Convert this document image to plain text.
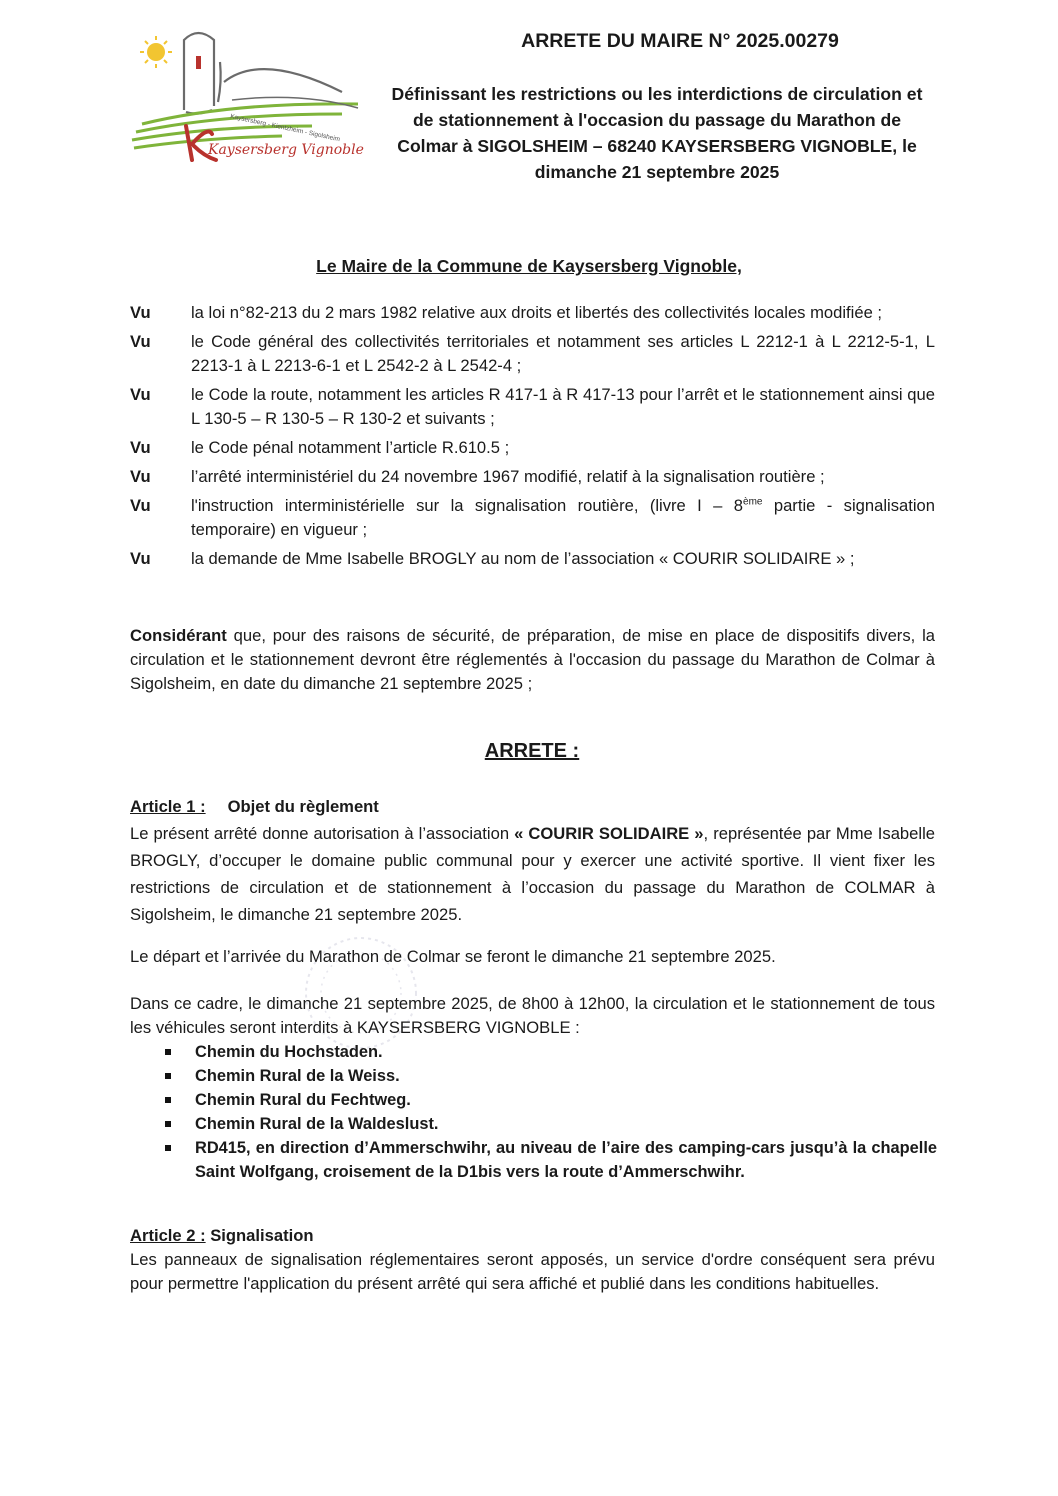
Kaysersberg - Kientzheim - Sigolsheim
Kaysersberg Vignoble
ARRETE DU MAIRE N° 2025.00279
Définissant les restrictions ou les interdictions de circulation et
de stationnement à l'occasion du passage du Marathon de
Colmar à SIGOLSHEIM – 68240 KAYSERSBERG VIGNOBLE, le
dimanche 21 septembre 2025
Le Maire de la Commune de Kaysersberg Vignoble,
Vu	la loi n°82-213 du 2 mars 1982 relative aux droits et libertés des collectivités locales modifiée ;
Vu	le Code général des collectivités territoriales et notamment ses articles L 2212-1 à L 2212-5-1, L 2213-1 à L 2213-6-1 et L 2542-2 à L 2542-4 ;
Vu	le Code la route, notamment les articles R 417-1 à R 417-13 pour l’arrêt et le stationnement ainsi que L 130-5 – R 130-5 – R 130-2 et suivants ;
Vu	le Code pénal notamment l’article R.610.5 ;
Vu	l’arrêté interministériel du 24 novembre 1967 modifié, relatif à la signalisation routière ;
Vu	l'instruction interministérielle sur la signalisation routière, (livre I – 8ème partie - signalisation temporaire) en vigueur ;
Vu	la demande de Mme Isabelle BROGLY au nom de l’association « COURIR SOLIDAIRE » ;
Considérant que, pour des raisons de sécurité, de préparation, de mise en place de dispositifs divers, la circulation et le stationnement devront être réglementés à l'occasion du passage du Marathon de Colmar à Sigolsheim, en date du dimanche 21 septembre 2025 ;
ARRETE :
Article 1 : Objet du règlement
Le présent arrêté donne autorisation à l’association « COURIR SOLIDAIRE », représentée par Mme Isabelle BROGLY, d’occuper le domaine public communal pour y exercer une activité sportive. Il vient fixer les restrictions de circulation et de stationnement à l’occasion du passage du Marathon de COLMAR à Sigolsheim, le dimanche 21 septembre 2025.
Le départ et l’arrivée du Marathon de Colmar se feront le dimanche 21 septembre 2025.
Dans ce cadre, le dimanche 21 septembre 2025, de 8h00 à 12h00, la circulation et le stationnement de tous les véhicules seront interdits à KAYSERSBERG VIGNOBLE :
Chemin du Hochstaden.
Chemin Rural de la Weiss.
Chemin Rural du Fechtweg.
Chemin Rural de la Waldeslust.
RD415, en direction d’Ammerschwihr, au niveau de l’aire des camping-cars jusqu’à la chapelle Saint Wolfgang, croisement de la D1bis vers la route d’Ammerschwihr.
Article 2 : Signalisation
Les panneaux de signalisation réglementaires seront apposés, un service d'ordre conséquent sera prévu pour permettre l'application du présent arrêté qui sera affiché et publié dans les conditions habituelles.
